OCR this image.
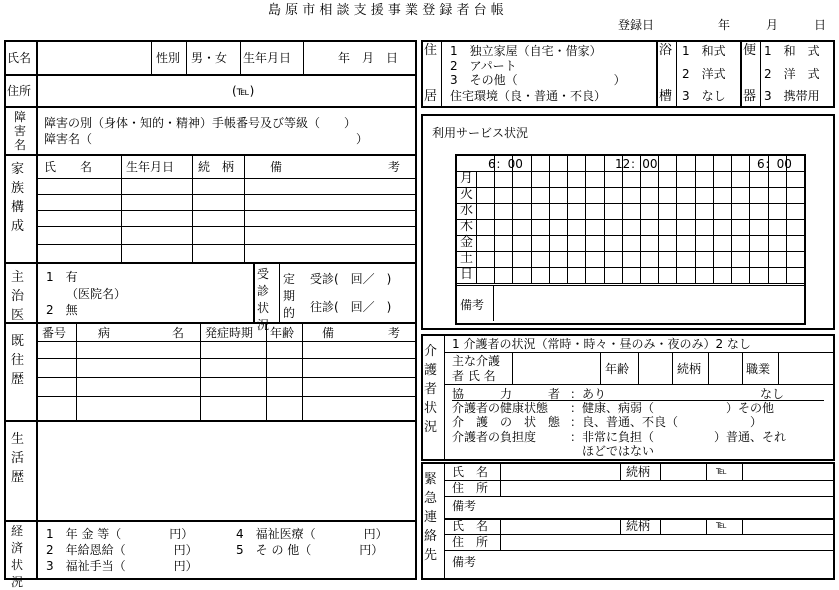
島 原 市 相 談 支 援 事 業 登 録 者 台 帳
登録日	年　　　月　　　日
氏名	性別 男・女 生年月日	年　月　日
住所	(℡)
障害名
障害の別（身体・知的・精神）手帳番号及び等級（　　）
障害名（　　　　　　　　　　　　　　　　　　　　　　）
家族構成
氏　　名	生年月日 続　柄	備	考
主治医
1　有
（医院名）
2　無
受診状況
定期的
受診(　回／　)
往診(　回／　)
既往歴
番号	病	名 発症時期 年齢 備	考
生活歴
経済状況
1　年 金 等（　　　　円）
2　年給恩給（　　　　円）
3　福祉手当（　　　　円）
4　福祉医療（　　　　円）
5　そ の 他（　　　　円）
住
居
1　独立家屋（自宅・借家）
2　アパート
3　その他（　　　　　　　　）
住宅環境（良・普通・不良）
浴
槽
1　和式
2　洋式
3　なし
便
器
1　和　式
2　洋　式
3　携帯用
利用サービス状況
6：00	12：00	6：00
月
火
水
木
金
土
日
備考
介護者状況
1 介護者の状況（常時・時々・昼のみ・夜のみ）2 なし
主な介護
者 氏 名	年齢	続柄	職業
協　　　力　　　者 ：あり	なし
介護者の健康状態 ：健康、病弱（　　　　　　）その他
介　護　の　状　態 ：良、普通、不良（　　　　　　）
介護者の負担度	：非常に負担（　　　　　）普通、それ
ほどではない
緊急連絡先
氏　名	続柄	℡
住　所
備考
氏　名	続柄	℡
住　所
備考
